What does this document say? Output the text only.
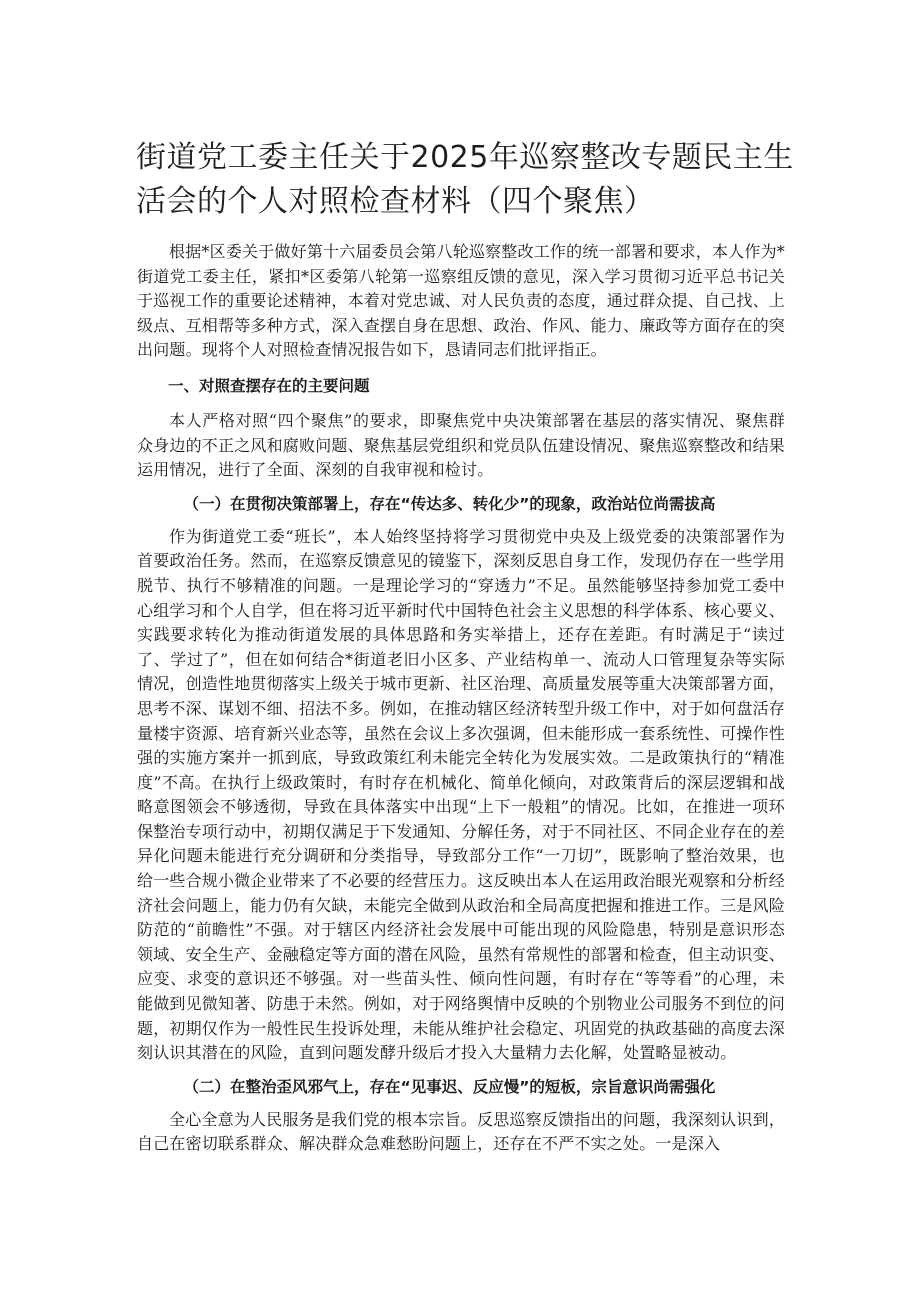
街道党工委主任关于2025年巡察整改专题民主生活会的个人对照检查材料（四个聚焦）

根据*区委关于做好第十六届委员会第八轮巡察整改工作的统一部署和要求，本人作为*街道党工委主任，紧扣*区委第八轮第一巡察组反馈的意见，深入学习贯彻习近平总书记关于巡视工作的重要论述精神，本着对党忠诚、对人民负责的态度，通过群众提、自己找、上级点、互相帮等多种方式，深入查摆自身在思想、政治、作风、能力、廉政等方面存在的突出问题。现将个人对照检查情况报告如下，恳请同志们批评指正。

一、对照查摆存在的主要问题

本人严格对照“四个聚焦”的要求，即聚焦党中央决策部署在基层的落实情况、聚焦群众身边的不正之风和腐败问题、聚焦基层党组织和党员队伍建设情况、聚焦巡察整改和结果运用情况，进行了全面、深刻的自我审视和检讨。

（一）在贯彻决策部署上，存在“传达多、转化少”的现象，政治站位尚需拔高

作为街道党工委“班长”，本人始终坚持将学习贯彻党中央及上级党委的决策部署作为首要政治任务。然而，在巡察反馈意见的镜鉴下，深刻反思自身工作，发现仍存在一些学用脱节、执行不够精准的问题。一是理论学习的“穿透力”不足。虽然能够坚持参加党工委中心组学习和个人自学，但在将习近平新时代中国特色社会主义思想的科学体系、核心要义、实践要求转化为推动街道发展的具体思路和务实举措上，还存在差距。有时满足于“读过了、学过了”，但在如何结合*街道老旧小区多、产业结构单一、流动人口管理复杂等实际情况，创造性地贯彻落实上级关于城市更新、社区治理、高质量发展等重大决策部署方面，思考不深、谋划不细、招法不多。例如，在推动辖区经济转型升级工作中，对于如何盘活存量楼宇资源、培育新兴业态等，虽然在会议上多次强调，但未能形成一套系统性、可操作性强的实施方案并一抓到底，导致政策红利未能完全转化为发展实效。二是政策执行的“精准度”不高。在执行上级政策时，有时存在机械化、简单化倾向，对政策背后的深层逻辑和战略意图领会不够透彻，导致在具体落实中出现“上下一般粗”的情况。比如，在推进一项环保整治专项行动中，初期仅满足于下发通知、分解任务，对于不同社区、不同企业存在的差异化问题未能进行充分调研和分类指导，导致部分工作“一刀切”，既影响了整治效果，也给一些合规小微企业带来了不必要的经营压力。这反映出本人在运用政治眼光观察和分析经济社会问题上，能力仍有欠缺，未能完全做到从政治和全局高度把握和推进工作。三是风险防范的“前瞻性”不强。对于辖区内经济社会发展中可能出现的风险隐患，特别是意识形态领域、安全生产、金融稳定等方面的潜在风险，虽然有常规性的部署和检查，但主动识变、应变、求变的意识还不够强。对一些苗头性、倾向性问题，有时存在“等等看”的心理，未能做到见微知著、防患于未然。例如，对于网络舆情中反映的个别物业公司服务不到位的问题，初期仅作为一般性民生投诉处理，未能从维护社会稳定、巩固党的执政基础的高度去深刻认识其潜在的风险，直到问题发酵升级后才投入大量精力去化解，处置略显被动。

（二）在整治歪风邪气上，存在“见事迟、反应慢”的短板，宗旨意识尚需强化

全心全意为人民服务是我们党的根本宗旨。反思巡察反馈指出的问题，我深刻认识到，自己在密切联系群众、解决群众急难愁盼问题上，还存在不严不实之处。一是深入
